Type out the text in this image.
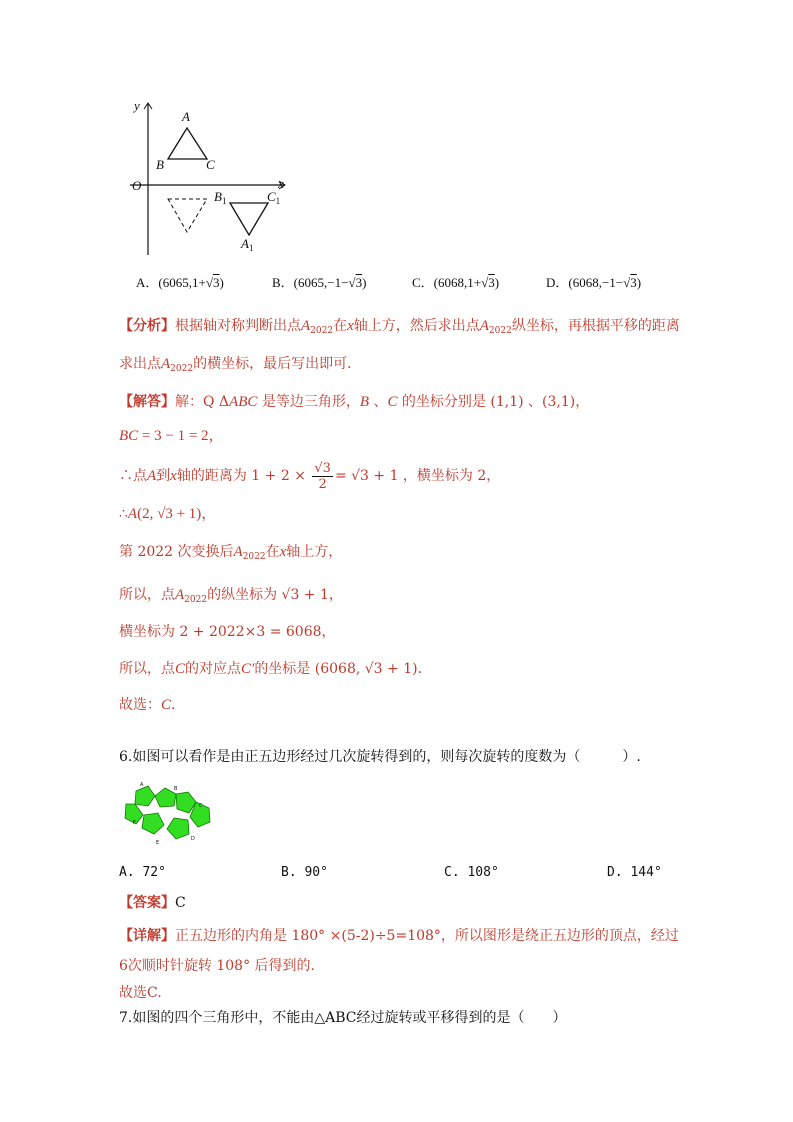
y
x
O
A
B	C
$B_1$	$C_1$
$A_1$
A．(6065,1+√3)	B．(6065,−1−√3)	C．(6068,1+√3)	D．(6068,−1−√3)
【分析】根据轴对称判断出点$A_{2022}$在x轴上方，然后求出点$A_{2022}$纵坐标，再根据平移的距离
求出点$A_{2022}$的横坐标，最后写出即可．
【解答】解：Q ΔABC 是等边三角形，B 、C 的坐标分别是 (1,1) 、(3,1)，
BC = 3 − 1 = 2，
∴点A到x轴的距离为 $1 + 2 \times \frac{√3}{2} = √3 + 1$ ，横坐标为 2，
∴A(2, √3 + 1)，
第 2022 次变换后$A_{2022}$在x轴上方，
所以，点$A_{2022}$的纵坐标为 √3 + 1，
横坐标为 2 + 2022×3 = 6068，
所以，点C的对应点C′的坐标是 (6068, √3 + 1)．
故选：C．
6.如图可以看作是由正五边形经过几次旋转得到的，则每次旋转的度数为（　　　）.
A
B
C
D
E
F
A. 72°	B. 90°	C. 108°	D. 144°
【答案】C
【详解】正五边形的内角是 180° ×(5-2)÷5=108°，所以图形是绕正五边形的顶点，经过
6次顺时针旋转 108° 后得到的.
故选C.
7.如图的四个三角形中，不能由△ABC经过旋转或平移得到的是（　　）
